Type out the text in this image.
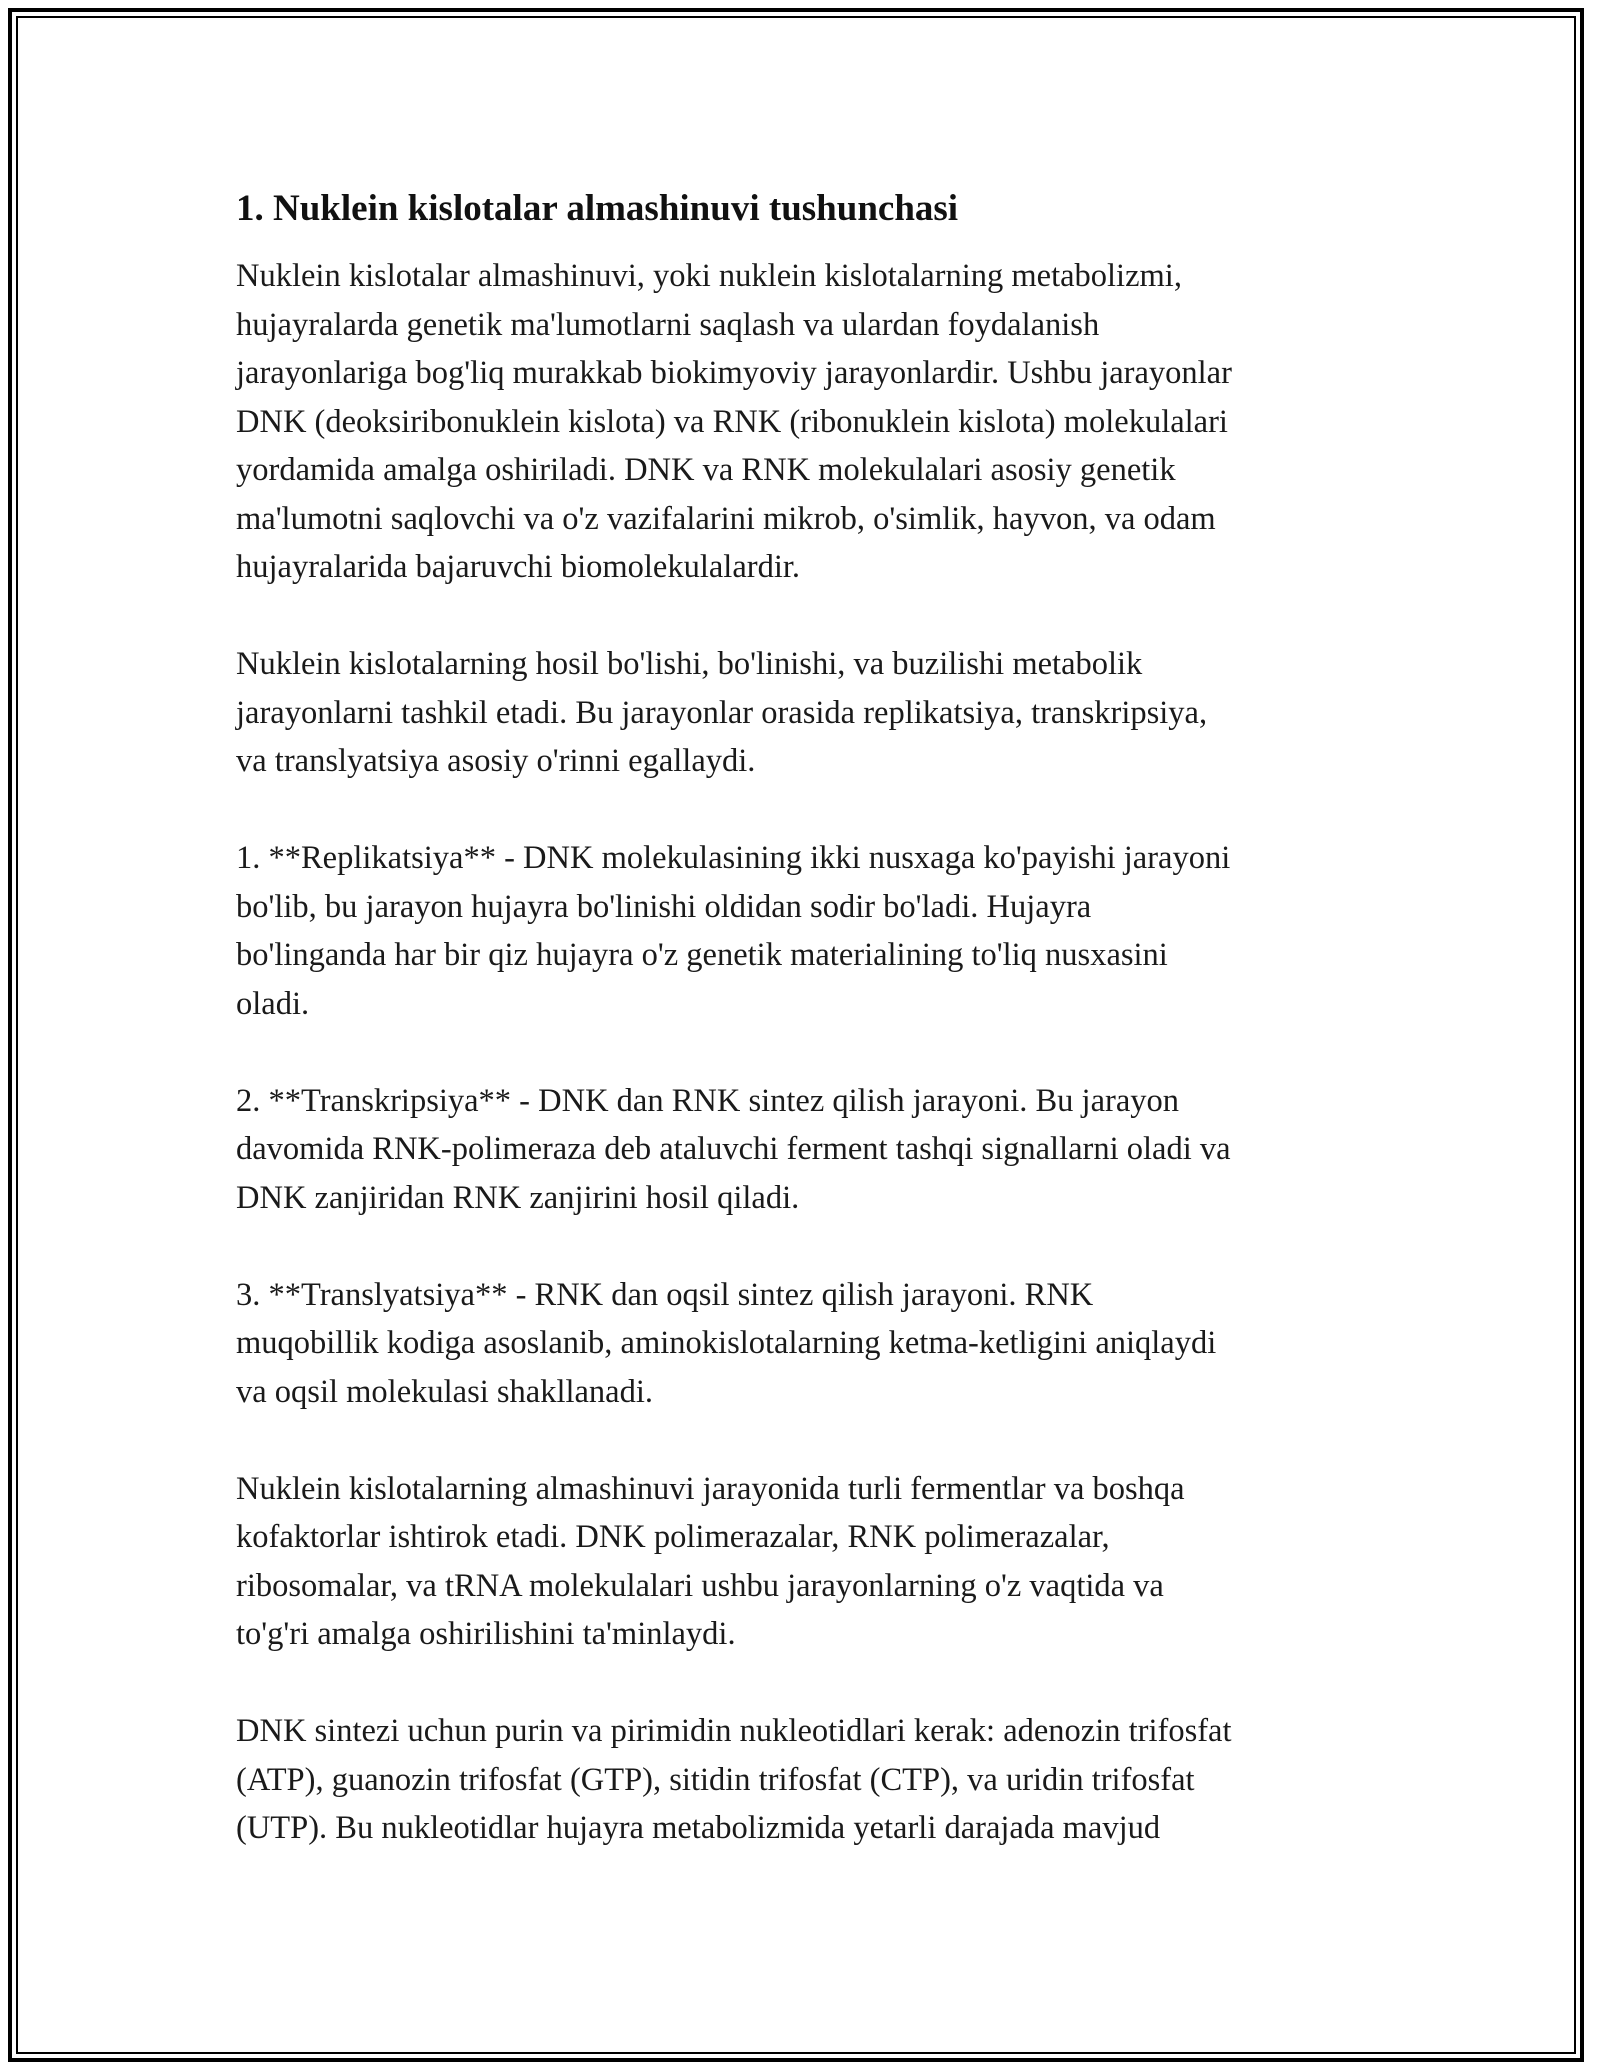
1. Nuklein kislotalar almashinuvi tushunchasi

Nuklein kislotalar almashinuvi, yoki nuklein kislotalarning metabolizmi,
hujayralarda genetik ma'lumotlarni saqlash va ulardan foydalanish
jarayonlariga bog'liq murakkab biokimyoviy jarayonlardir. Ushbu jarayonlar
DNK (deoksiribonuklein kislota) va RNK (ribonuklein kislota) molekulalari
yordamida amalga oshiriladi. DNK va RNK molekulalari asosiy genetik
ma'lumotni saqlovchi va o'z vazifalarini mikrob, o'simlik, hayvon, va odam
hujayralarida bajaruvchi biomolekulalardir.

Nuklein kislotalarning hosil bo'lishi, bo'linishi, va buzilishi metabolik
jarayonlarni tashkil etadi. Bu jarayonlar orasida replikatsiya, transkripsiya,
va translyatsiya asosiy o'rinni egallaydi.

1. **Replikatsiya** - DNK molekulasining ikki nusxaga ko'payishi jarayoni
bo'lib, bu jarayon hujayra bo'linishi oldidan sodir bo'ladi. Hujayra
bo'linganda har bir qiz hujayra o'z genetik materialining to'liq nusxasini
oladi.

2. **Transkripsiya** - DNK dan RNK sintez qilish jarayoni. Bu jarayon
davomida RNK-polimeraza deb ataluvchi ferment tashqi signallarni oladi va
DNK zanjiridan RNK zanjirini hosil qiladi.

3. **Translyatsiya** - RNK dan oqsil sintez qilish jarayoni. RNK
muqobillik kodiga asoslanib, aminokislotalarning ketma-ketligini aniqlaydi
va oqsil molekulasi shakllanadi.

Nuklein kislotalarning almashinuvi jarayonida turli fermentlar va boshqa
kofaktorlar ishtirok etadi. DNK polimerazalar, RNK polimerazalar,
ribosomalar, va tRNA molekulalari ushbu jarayonlarning o'z vaqtida va
to'g'ri amalga oshirilishini ta'minlaydi.

DNK sintezi uchun purin va pirimidin nukleotidlari kerak: adenozin trifosfat
(ATP), guanozin trifosfat (GTP), sitidin trifosfat (CTP), va uridin trifosfat
(UTP). Bu nukleotidlar hujayra metabolizmida yetarli darajada mavjud
